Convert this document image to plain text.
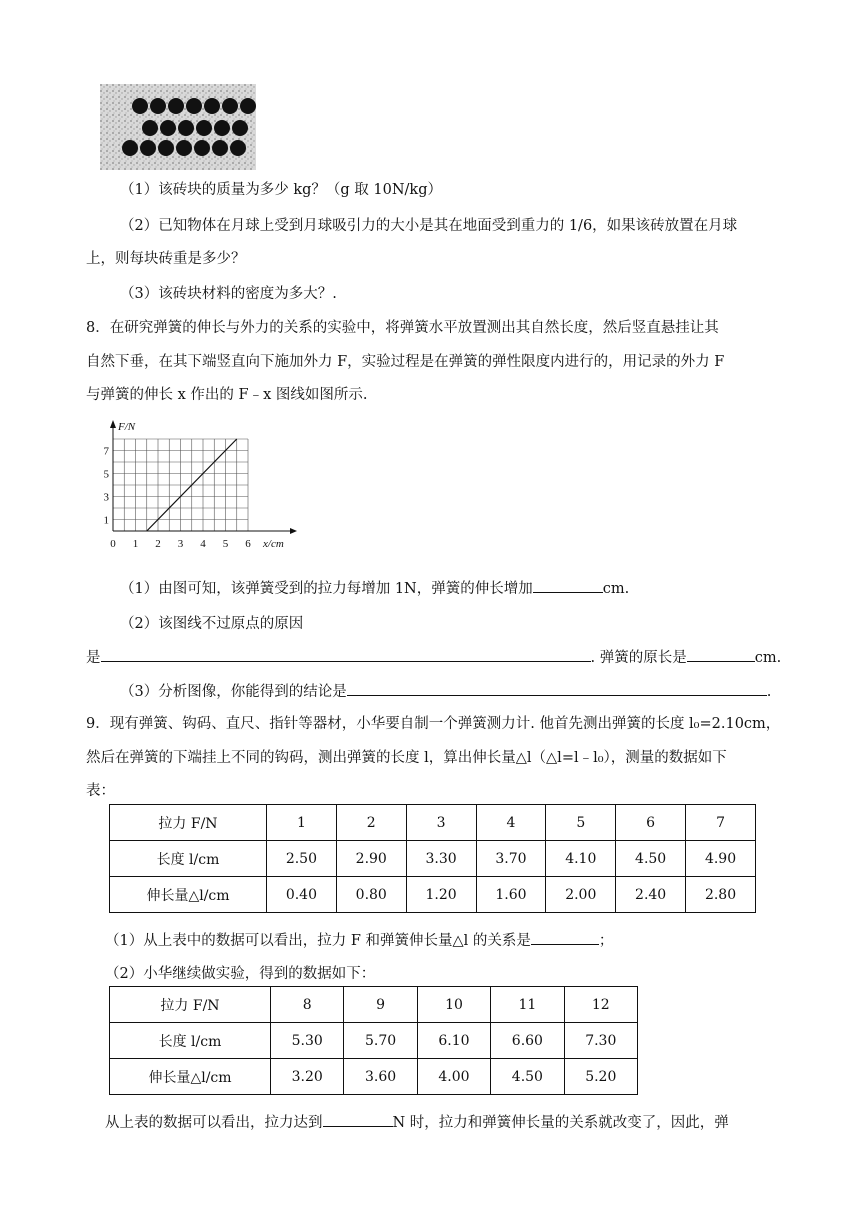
（1）该砖块的质量为多少 kg？（g 取 10N/kg）
（2）已知物体在月球上受到月球吸引力的大小是其在地面受到重力的 1/6，如果该砖放置在月球
上，则每块砖重是多少？
（3）该砖块材料的密度为多大？.
8．在研究弹簧的伸长与外力的关系的实验中，将弹簧水平放置测出其自然长度，然后竖直悬挂让其
自然下垂，在其下端竖直向下施加外力 F，实验过程是在弹簧的弹性限度内进行的，用记录的外力 F
与弹簧的伸长 x 作出的 F﹣x 图线如图所示.
0 1 2 3 4 5 6
1
3
5
7
F/N
x/cm
（1）由图可知，该弹簧受到的拉力每增加 1N，弹簧的伸长增加	cm.
（2）该图线不过原点的原因
是	. 弹簧的原长是	cm.
（3）分析图像，你能得到的结论是	.
9．现有弹簧、钩码、直尺、指针等器材，小华要自制一个弹簧测力计. 他首先测出弹簧的长度 l₀=2.10cm，
然后在弹簧的下端挂上不同的钩码，测出弹簧的长度 l，算出伸长量△l（△l=l﹣l₀），测量的数据如下
表：
拉力 F/N	1	2	3	4	5	6	7
长度 l/cm	2.50	2.90	3.30	3.70	4.10	4.50	4.90
伸长量△l/cm	0.40	0.80	1.20	1.60	2.00	2.40	2.80
（1）从上表中的数据可以看出，拉力 F 和弹簧伸长量△l 的关系是	；
（2）小华继续做实验，得到的数据如下：
拉力 F/N	8	9	10	11	12
长度 l/cm	5.30	5.70	6.10	6.60	7.30
伸长量△l/cm	3.20	3.60	4.00	4.50	5.20
从上表的数据可以看出，拉力达到	N 时，拉力和弹簧伸长量的关系就改变了，因此，弹
